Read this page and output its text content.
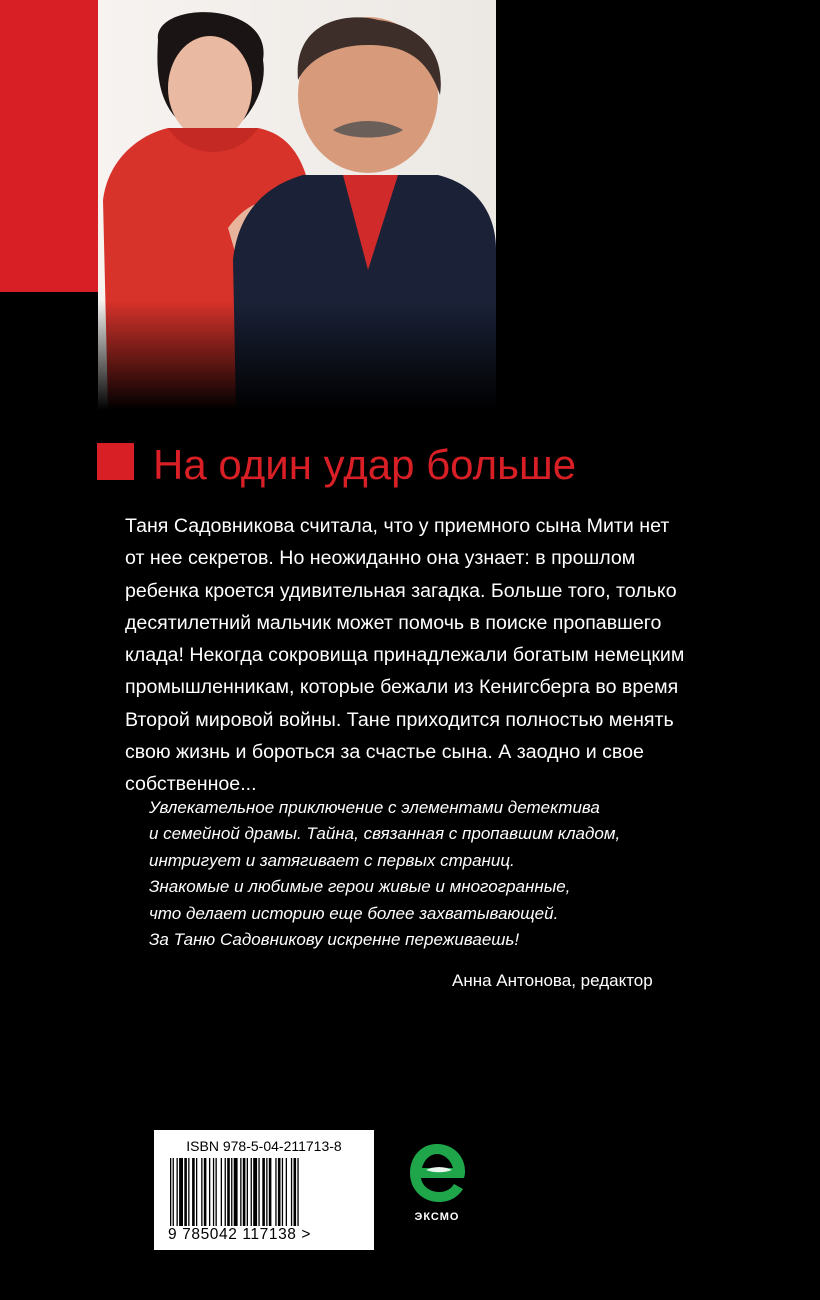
На один удар больше
Таня Садовникова считала, что у приемного сына Мити нет
от нее секретов. Но неожиданно она узнает: в прошлом
ребенка кроется удивительная загадка. Больше того, только
десятилетний мальчик может помочь в поиске пропавшего
клада! Некогда сокровища принадлежали богатым немецким
промышленникам, которые бежали из Кенигсберга во время
Второй мировой войны. Тане приходится полностью менять
свою жизнь и бороться за счастье сына. А заодно и свое
собственное...
Увлекательное приключение с элементами детектива
и семейной драмы. Тайна, связанная с пропавшим кладом,
интригует и затягивает с первых страниц.
Знакомые и любимые герои живые и многогранные,
что делает историю еще более захватывающей.
За Таню Садовникову искренне переживаешь!
Анна Антонова, редактор
ISBN 978-5-04-211713-8
9 785042 117138 >
ЭКСМО
